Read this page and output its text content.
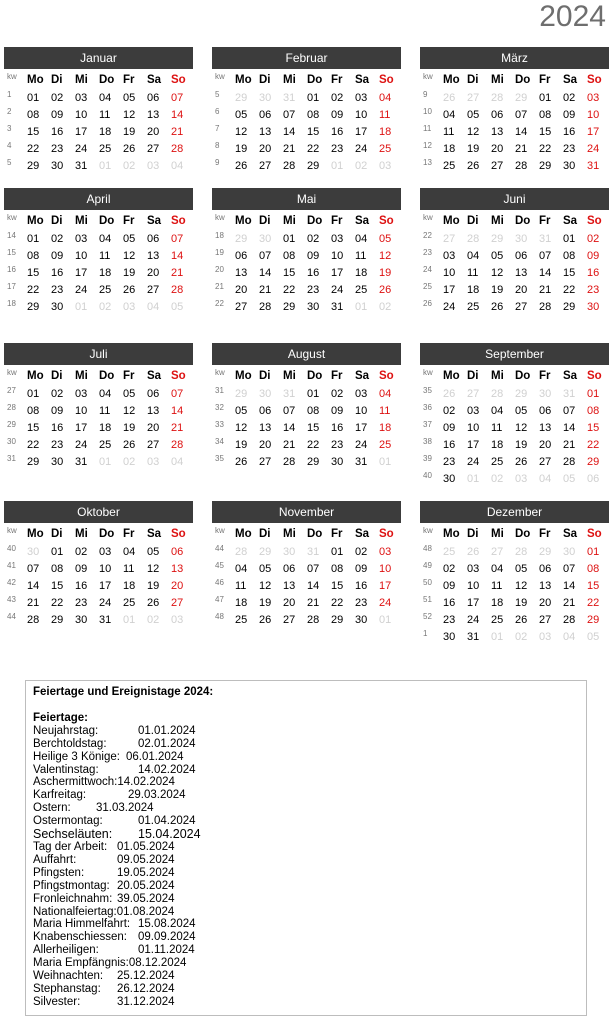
2024
Januar
kw	Mo	Di	Mi	Do	Fr	Sa	So
1	01	02	03	04	05	06	07
2	08	09	10	11	12	13	14
3	15	16	17	18	19	20	21
4	22	23	24	25	26	27	28
5	29	30	31	01	02	03	04
Februar
kw	Mo	Di	Mi	Do	Fr	Sa	So
5	29	30	31	01	02	03	04
6	05	06	07	08	09	10	11
7	12	13	14	15	16	17	18
8	19	20	21	22	23	24	25
9	26	27	28	29	01	02	03
März
kw	Mo	Di	Mi	Do	Fr	Sa	So
9	26	27	28	29	01	02	03
10	04	05	06	07	08	09	10
11	11	12	13	14	15	16	17
12	18	19	20	21	22	23	24
13	25	26	27	28	29	30	31
April
kw	Mo	Di	Mi	Do	Fr	Sa	So
14	01	02	03	04	05	06	07
15	08	09	10	11	12	13	14
16	15	16	17	18	19	20	21
17	22	23	24	25	26	27	28
18	29	30	01	02	03	04	05
Mai
kw	Mo	Di	Mi	Do	Fr	Sa	So
18	29	30	01	02	03	04	05
19	06	07	08	09	10	11	12
20	13	14	15	16	17	18	19
21	20	21	22	23	24	25	26
22	27	28	29	30	31	01	02
Juni
kw	Mo	Di	Mi	Do	Fr	Sa	So
22	27	28	29	30	31	01	02
23	03	04	05	06	07	08	09
24	10	11	12	13	14	15	16
25	17	18	19	20	21	22	23
26	24	25	26	27	28	29	30
Juli
kw	Mo	Di	Mi	Do	Fr	Sa	So
27	01	02	03	04	05	06	07
28	08	09	10	11	12	13	14
29	15	16	17	18	19	20	21
30	22	23	24	25	26	27	28
31	29	30	31	01	02	03	04
August
kw	Mo	Di	Mi	Do	Fr	Sa	So
31	29	30	31	01	02	03	04
32	05	06	07	08	09	10	11
33	12	13	14	15	16	17	18
34	19	20	21	22	23	24	25
35	26	27	28	29	30	31	01
September
kw	Mo	Di	Mi	Do	Fr	Sa	So
35	26	27	28	29	30	31	01
36	02	03	04	05	06	07	08
37	09	10	11	12	13	14	15
38	16	17	18	19	20	21	22
39	23	24	25	26	27	28	29
40	30	01	02	03	04	05	06
Oktober
kw	Mo	Di	Mi	Do	Fr	Sa	So
40	30	01	02	03	04	05	06
41	07	08	09	10	11	12	13
42	14	15	16	17	18	19	20
43	21	22	23	24	25	26	27
44	28	29	30	31	01	02	03
November
kw	Mo	Di	Mi	Do	Fr	Sa	So
44	28	29	30	31	01	02	03
45	04	05	06	07	08	09	10
46	11	12	13	14	15	16	17
47	18	19	20	21	22	23	24
48	25	26	27	28	29	30	01
Dezember
kw	Mo	Di	Mi	Do	Fr	Sa	So
48	25	26	27	28	29	30	01
49	02	03	04	05	06	07	08
50	09	10	11	12	13	14	15
51	16	17	18	19	20	21	22
52	23	24	25	26	27	28	29
1	30	31	01	02	03	04	05
Feiertage und Ereignistage 2024:
Feiertage:
Neujahrstag:	01.01.2024
Berchtoldstag:	02.01.2024
Heilige 3 Könige: 06.01.2024
Valentinstag:	14.02.2024
Aschermittwoch:14.02.2024
Karfreitag:	29.03.2024
Ostern: 31.03.2024
Ostermontag:	01.04.2024
Sechseläuten: 15.04.2024
Tag der Arbeit: 01.05.2024
Auffahrt:	09.05.2024
Pfingsten:	19.05.2024
Pfingstmontag: 20.05.2024
Fronleichnahm: 39.05.2024
Nationalfeiertag:01.08.2024
Maria Himmelfahrt: 15.08.2024
Knabenschiessen: 09.09.2024
Allerheiligen:	01.11.2024
Maria Empfängnis:08.12.2024
Weihnachten: 25.12.2024
Stephanstag: 26.12.2024
Silvester:	31.12.2024
